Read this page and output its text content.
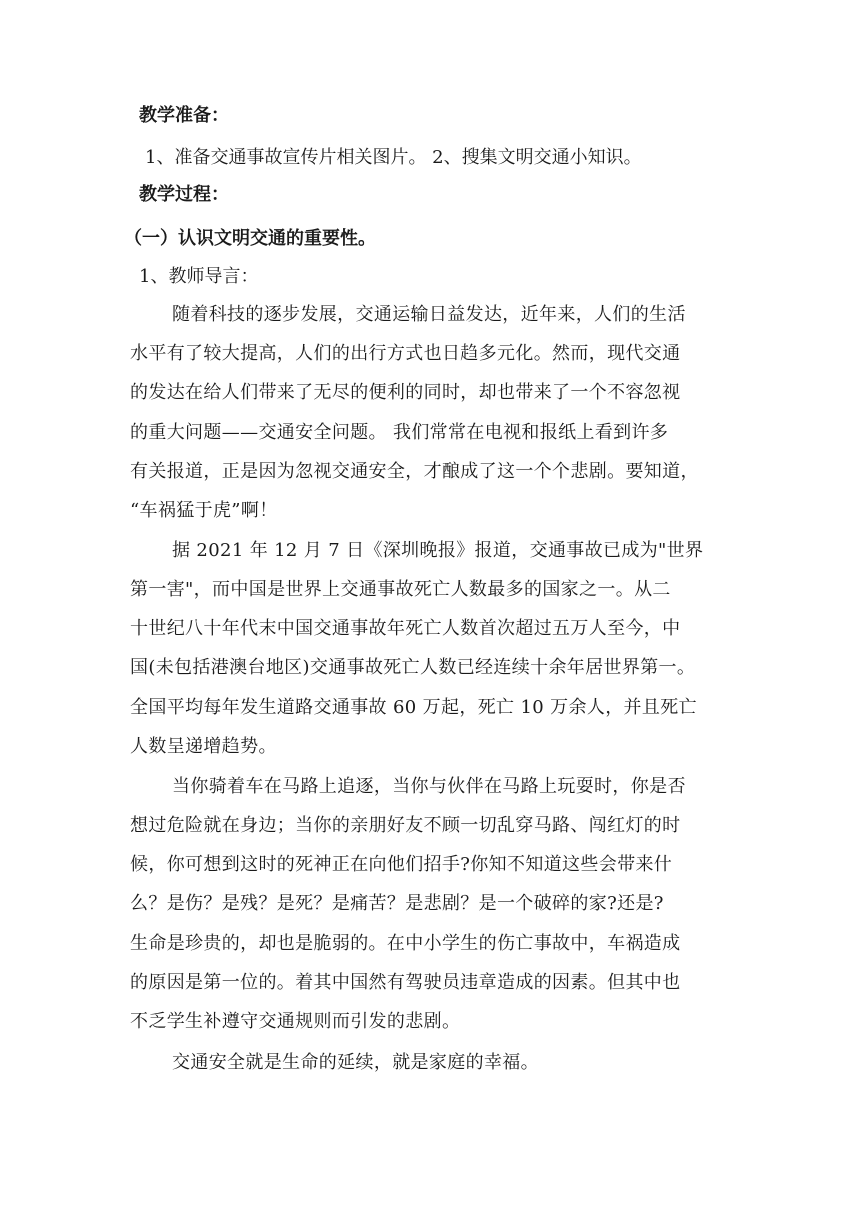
教学准备：
1、准备交通事故宣传片相关图片。 2、搜集文明交通小知识。
教学过程：
（一）认识文明交通的重要性。
1、教师导言：
随着科技的逐步发展，交通运输日益发达，近年来，人们的生活
水平有了较大提高，人们的出行方式也日趋多元化。然而，现代交通
的发达在给人们带来了无尽的便利的同时，却也带来了一个不容忽视
的重大问题——交通安全问题。 我们常常在电视和报纸上看到许多
有关报道，正是因为忽视交通安全，才酿成了这一个个悲剧。要知道，
“车祸猛于虎”啊！
据 2021 年 12 月 7 日《深圳晚报》报道，交通事故已成为"世界
第一害"，而中国是世界上交通事故死亡人数最多的国家之一。从二
十世纪八十年代末中国交通事故年死亡人数首次超过五万人至今，中
国(未包括港澳台地区)交通事故死亡人数已经连续十余年居世界第一。
全国平均每年发生道路交通事故 60 万起，死亡 10 万余人，并且死亡
人数呈递增趋势。
当你骑着车在马路上追逐，当你与伙伴在马路上玩耍时，你是否
想过危险就在身边；当你的亲朋好友不顾一切乱穿马路、闯红灯的时
候，你可想到这时的死神正在向他们招手?你知不知道这些会带来什
么？是伤？是残？是死？是痛苦？是悲剧？是一个破碎的家?还是?
生命是珍贵的，却也是脆弱的。在中小学生的伤亡事故中，车祸造成
的原因是第一位的。着其中国然有驾驶员违章造成的因素。但其中也
不乏学生补遵守交通规则而引发的悲剧。
交通安全就是生命的延续，就是家庭的幸福。
